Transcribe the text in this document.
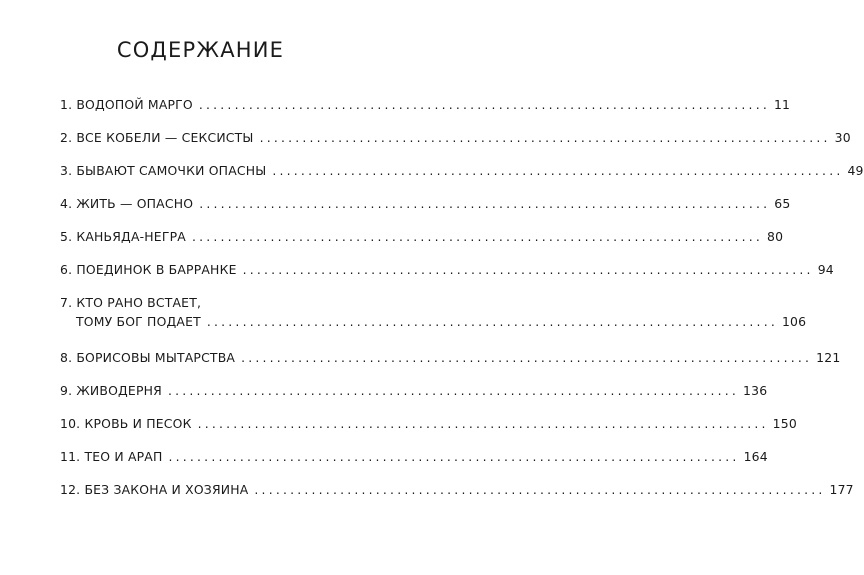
СОДЕРЖАНИЕ
1. ВОДОПОЙ МАРГО ................................................................................ 11
2. ВСЕ КОБЕЛИ — СЕКСИСТЫ ................................................................................ 30
3. БЫВАЮТ САМОЧКИ ОПАСНЫ ................................................................................ 49
4. ЖИТЬ — ОПАСНО ................................................................................ 65
5. КАНЬЯДА-НЕГРА ................................................................................ 80
6. ПОЕДИНОК В БАРРАНКЕ ................................................................................ 94
7. КТО РАНО ВСТАЕТ,
ТОМУ БОГ ПОДАЕТ ................................................................................ 106
8. БОРИСОВЫ МЫТАРСТВА ................................................................................ 121
9. ЖИВОДЕРНЯ ................................................................................ 136
10. КРОВЬ И ПЕСОК ................................................................................ 150
11. ТЕО И АРАП ................................................................................ 164
12. БЕЗ ЗАКОНА И ХОЗЯИНА ................................................................................ 177
